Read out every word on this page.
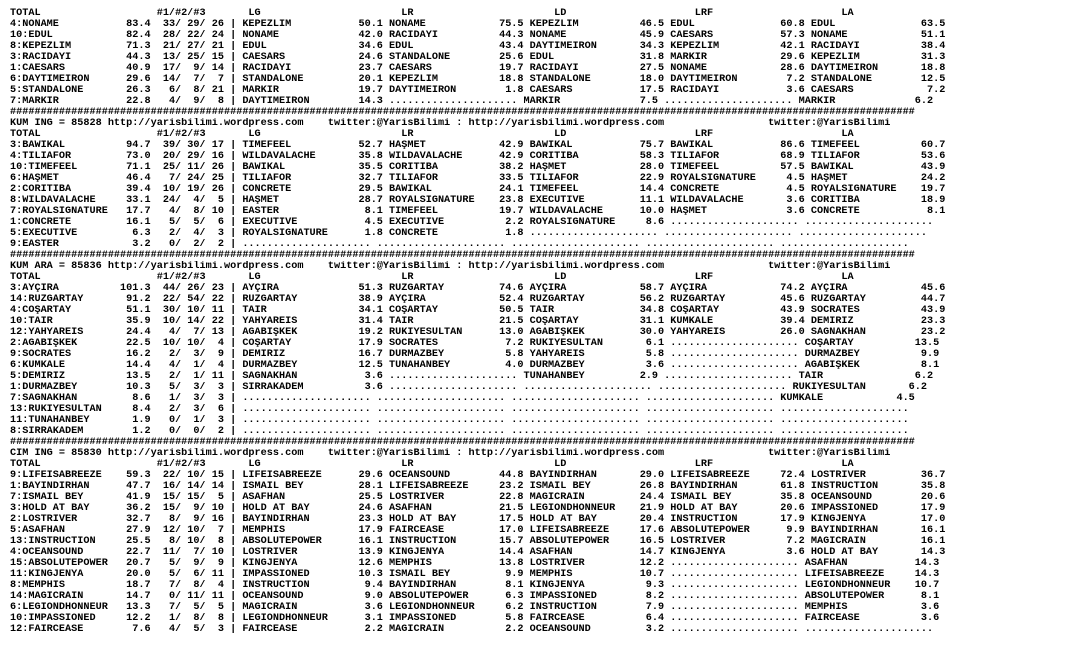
TOTAL                   #1/#2/#3       LG                       LR                       LD                     LRF                     LA
4:NONAME           83.4  33/ 29/ 26 | KEPEZLİM           50.1 NONAME            75.5 KEPEZLİM          46.5 EDUL              60.8 EDUL              63.5
10:EDUL            82.4  28/ 22/ 24 | NONAME             42.0 RACİDAYI          44.3 NONAME            45.9 CAESARS           57.3 NONAME            51.1
8:KEPEZLİM         71.3  21/ 27/ 21 | EDUL               34.6 EDUL              43.4 DAYTIMEIRON       34.3 KEPEZLİM          42.1 RACİDAYI          38.4
3:RACİDAYI         44.3  13/ 25/ 15 | CAESARS            24.6 STANDALONE        25.6 EDUL              31.8 MARKIR            29.6 KEPEZLİM          31.3
1:CAESARS          40.9  17/  9/ 14 | RACİDAYI           23.7 CAESARS           19.7 RACİDAYI          27.5 NONAME            28.6 DAYTIMEIRON       18.8
6:DAYTIMEIRON      29.6  14/  7/  7 | STANDALONE         20.1 KEPEZLİM          18.8 STANDALONE        18.0 DAYTIMEIRON        7.2 STANDALONE        12.5
5:STANDALONE       26.3   6/  8/ 21 | MARKIR             19.7 DAYTIMEIRON        1.8 CAESARS           17.5 RACİDAYI           3.6 CAESARS            7.2
7:MARKIR           22.8   4/  9/  8 | DAYTIMEIRON        14.3 ..................... MARKIR             7.5 ..................... MARKIR             6.2
####################################################################################################################################################
KUM ING = 85828 http://yarisbilimi.wordpress.com    twitter:@YarisBilimi : http://yarisbilimi.wordpress.com                 twitter:@YarisBilimi
TOTAL                   #1/#2/#3       LG                       LR                       LD                     LRF                     LA
3:BAWIKAL          94.7  39/ 30/ 17 | TIMEFEEL           52.7 HAŞMET            42.9 BAWIKAL           75.7 BAWIKAL           86.6 TIMEFEEL          60.7
4:TILIAFOR         73.0  20/ 29/ 16 | WILDAVALACHE       35.8 WILDAVALACHE      42.9 CORITIBA          58.3 TILIAFOR          68.9 TILIAFOR          53.6
10:TIMEFEEL        71.1  25/ 11/ 26 | BAWIKAL            35.5 CORITIBA          38.2 HAŞMET            28.0 TIMEFEEL          57.5 BAWIKAL           43.9
6:HAŞMET           46.4   7/ 24/ 25 | TILIAFOR           32.7 TILIAFOR          33.5 TILIAFOR          22.9 ROYALSIGNATURE     4.5 HAŞMET            24.2
2:CORİTIBA         39.4  10/ 19/ 26 | CONCRETE           29.5 BAWIKAL           24.1 TIMEFEEL          14.4 CONCRETE           4.5 ROYALSIGNATURE    19.7
8:WILDAVALACHE     33.1  24/  4/  5 | HAŞMET             28.7 ROYALSIGNATURE    23.8 EXECUTIVE         11.1 WILDAVALACHE       3.6 CORITIBA          18.9
7:ROYALSIGNATURE   17.7   4/  8/ 10 | EASTER              8.1 TIMEFEEL          19.7 WILDAVALACHE      10.0 HAŞMET             3.6 CONCRETE           8.1
1:CONCRETE         16.1   5/  5/  6 | EXECUTIVE           4.5 EXECUTIVE          2.2 ROYALSIGNATURE     8.6 ..................... .....................
5:EXECUTIVE         6.3   2/  4/  3 | ROYALSIGNATURE      1.8 CONCRETE           1.8 ..................... ..................... .....................
9:EASTER            3.2   0/  2/  2 | ..................... ..................... ..................... ..................... .....................
####################################################################################################################################################
KUM ARA = 85836 http://yarisbilimi.wordpress.com    twitter:@YarisBilimi : http://yarisbilimi.wordpress.com                 twitter:@YarisBilimi
TOTAL                   #1/#2/#3       LG                       LR                       LD                     LRF                     LA
3:AYÇIRA          101.3  44/ 26/ 23 | AYÇIRA             51.3 RÜZGARTAY         74.6 AYÇIRA            58.7 AYÇIRA            74.2 AYÇIRA            45.6
14:RÜZGARTAY       91.2  22/ 54/ 22 | RÜZGARTAY          38.9 AYÇIRA            52.4 RÜZGARTAY         56.2 RÜZGARTAY         45.6 RÜZGARTAY         44.7
4:COŞARTAY         51.1  30/ 10/ 11 | TAİR               34.1 COŞARTAY          50.5 TAİR              34.8 COŞARTAY          43.9 SOCRATES          43.9
10:TAİR            35.9  10/ 14/ 22 | YAHYAREİS          31.4 TAİR              21.5 COŞARTAY          31.1 KUMKALE           39.4 DEMİRİZ           23.3
12:YAHYAREİS       24.4   4/  7/ 13 | AĞABİŞKEK          19.2 RUKIYESULTAN      13.0 AĞABİŞKEK         30.0 YAHYAREİS         26.0 SAĞNAKHAN         23.2
2:AĞABİŞKEK        22.5  10/ 10/  4 | COŞARTAY           17.9 SOCRATES           7.2 RUKIYESULTAN       6.1 ..................... COŞARTAY          13.5
9:SOCRATES         16.2   2/  3/  9 | DEMİRİZ            16.7 DURMAZBEY          5.8 YAHYAREİS          5.8 ..................... DURMAZBEY          9.9
6:KUMKALE          14.4   4/  1/  4 | DURMAZBEY          12.5 TUNAHANBEY         4.0 DURMAZBEY          3.6 ..................... AĞABİŞKEK          8.1
5:DEMİRİZ          13.5   2/  1/ 11 | SAĞNAKHAN           3.6 ..................... TUNAHANBEY         2.9 ..................... TAİR               6.2
1:DURMAZBEY        10.3   5/  3/  3 | SIRRAKADEM          3.6 ..................... ..................... ..................... RUKIYESULTAN       6.2
7:SAĞNAKHAN         8.6   1/  3/  3 | ..................... ..................... ..................... ..................... KUMKALE            4.5
13:RUKIYESULTAN     8.4   2/  3/  6 | ..................... ..................... ..................... ..................... .....................
11:TUNAHANBEY       1.9   0/  1/  3 | ..................... ..................... ..................... ..................... .....................
8:SIRRAKADEM        1.2   0/  0/  2 | ..................... ..................... ..................... ..................... .....................
####################################################################################################################################################
CIM ING = 85830 http://yarisbilimi.wordpress.com    twitter:@YarisBilimi : http://yarisbilimi.wordpress.com                 twitter:@YarisBilimi
TOTAL                   #1/#2/#3       LG                       LR                       LD                     LRF                     LA
9:LIFEISABREEZE    59.3  22/ 10/ 15 | LIFEISABREEZE      29.6 OCEANSOUND        44.8 BAYINDIRHAN       29.0 LIFEISABREEZE     72.4 LOSTRIVER         36.7
1:BAYINDIRHAN      47.7  16/ 14/ 14 | İSMAİL BEY         28.1 LIFEISABREEZE     23.2 İSMAİL BEY        26.8 BAYINDIRHAN       61.8 INSTRUCTION       35.8
7:İSMAİL BEY       41.9  15/ 15/  5 | ASAFHAN            25.5 LOSTRIVER         22.8 MAGICRAIN         24.4 İSMAİL BEY        35.8 OCEANSOUND        20.6
3:HOLD AT BAY      36.2  15/  9/ 10 | HOLD AT BAY        24.6 ASAFHAN           21.5 LEGIONDHONNEUR    21.9 HOLD AT BAY       20.6 IMPASSIONED       17.9
2:LOSTRIVER        32.7   8/  9/ 16 | BAYINDIRHAN        23.3 HOLD AT BAY       17.5 HOLD AT BAY       20.4 INSTRUCTION       17.9 KINGJENYA         17.0
5:ASAFHAN          27.9  12/ 10/  7 | MEMPHIS            17.9 FAIRCEASE         17.0 LIFEISABREEZE     17.6 ABSOLUTEPOWER      9.9 BAYINDIRHAN       16.1
13:INSTRUCTION     25.5   8/ 10/  8 | ABSOLUTEPOWER      16.1 INSTRUCTION       15.7 ABSOLUTEPOWER     16.5 LOSTRIVER          7.2 MAGICRAIN         16.1
4:OCEANSOUND       22.7  11/  7/ 10 | LOSTRIVER          13.9 KINGJENYA         14.4 ASAFHAN           14.7 KINGJENYA          3.6 HOLD AT BAY       14.3
15:ABSOLUTEPOWER   20.7   5/  9/  9 | KINGJENYA          12.6 MEMPHIS           13.8 LOSTRIVER         12.2 ..................... ASAFHAN           14.3
11:KINGJENYA       20.0   5/  6/ 11 | IMPASSIONED        10.3 İSMAİL BEY         9.9 MEMPHIS           10.7 ..................... LIFEISABREEZE     14.3
8:MEMPHIS          18.7   7/  8/  4 | INSTRUCTION         9.4 BAYINDIRHAN        8.1 KINGJENYA          9.3 ..................... LEGIONDHONNEUR    10.7
14:MAGICRAIN       14.7   0/ 11/ 11 | OCEANSOUND          9.0 ABSOLUTEPOWER      6.3 IMPASSIONED        8.2 ..................... ABSOLUTEPOWER      8.1
6:LEGIONDHONNEUR   13.3   7/  5/  5 | MAGICRAIN           3.6 LEGIONDHONNEUR     6.2 INSTRUCTION        7.9 ..................... MEMPHIS            3.6
10:IMPASSIONED     12.2   1/  8/  8 | LEGIONDHONNEUR      3.1 IMPASSIONED        5.8 FAIRCEASE          6.4 ..................... FAIRCEASE          3.6
12:FAIRCEASE        7.6   4/  5/  3 | FAIRCEASE           2.2 MAGICRAIN          2.2 OCEANSOUND         3.2 ..................... .....................
